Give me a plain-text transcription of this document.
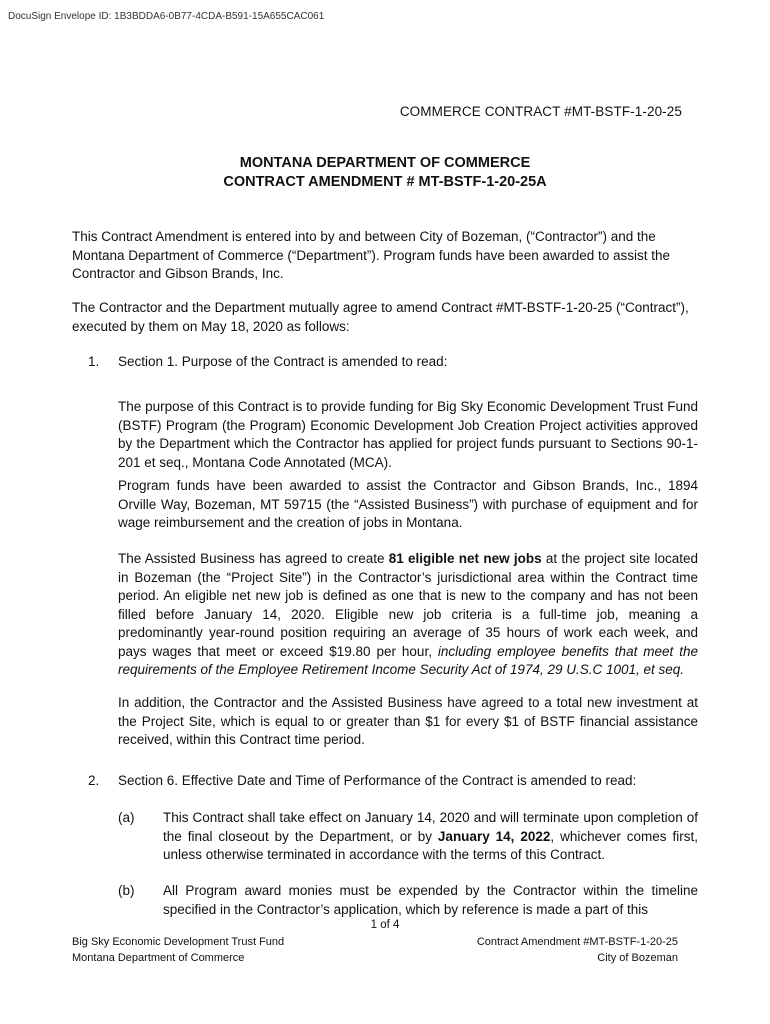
DocuSign Envelope ID: 1B3BDDA6-0B77-4CDA-B591-15A655CAC061
COMMERCE CONTRACT #MT-BSTF-1-20-25
MONTANA DEPARTMENT OF COMMERCE
CONTRACT AMENDMENT # MT-BSTF-1-20-25A

This Contract Amendment is entered into by and between City of Bozeman, (“Contractor”) and the Montana Department of Commerce (“Department”). Program funds have been awarded to assist the Contractor and Gibson Brands, Inc.

The Contractor and the Department mutually agree to amend Contract #MT-BSTF-1-20-25 (“Contract”), executed by them on May 18, 2020 as follows:

1. Section 1. Purpose of the Contract is amended to read:

The purpose of this Contract is to provide funding for Big Sky Economic Development Trust Fund (BSTF) Program (the Program) Economic Development Job Creation Project activities approved by the Department which the Contractor has applied for project funds pursuant to Sections 90-1-201 et seq., Montana Code Annotated (MCA).

Program funds have been awarded to assist the Contractor and Gibson Brands, Inc., 1894 Orville Way, Bozeman, MT 59715 (the “Assisted Business”) with purchase of equipment and for wage reimbursement and the creation of jobs in Montana.

The Assisted Business has agreed to create 81 eligible net new jobs at the project site located in Bozeman (the “Project Site”) in the Contractor’s jurisdictional area within the Contract time period. An eligible net new job is defined as one that is new to the company and has not been filled before January 14, 2020. Eligible new job criteria is a full-time job, meaning a predominantly year-round position requiring an average of 35 hours of work each week, and pays wages that meet or exceed $19.80 per hour, including employee benefits that meet the requirements of the Employee Retirement Income Security Act of 1974, 29 U.S.C 1001, et seq.

In addition, the Contractor and the Assisted Business have agreed to a total new investment at the Project Site, which is equal to or greater than $1 for every $1 of BSTF financial assistance received, within this Contract time period.

2. Section 6. Effective Date and Time of Performance of the Contract is amended to read:
(a) This Contract shall take effect on January 14, 2020 and will terminate upon completion of the final closeout by the Department, or by January 14, 2022, whichever comes first, unless otherwise terminated in accordance with the terms of this Contract.

(b) All Program award monies must be expended by the Contractor within the timeline specified in the Contractor’s application, which by reference is made a part of this

1 of 4
Big Sky Economic Development Trust Fund
Montana Department of Commerce
Contract Amendment #MT-BSTF-1-20-25
City of Bozeman
